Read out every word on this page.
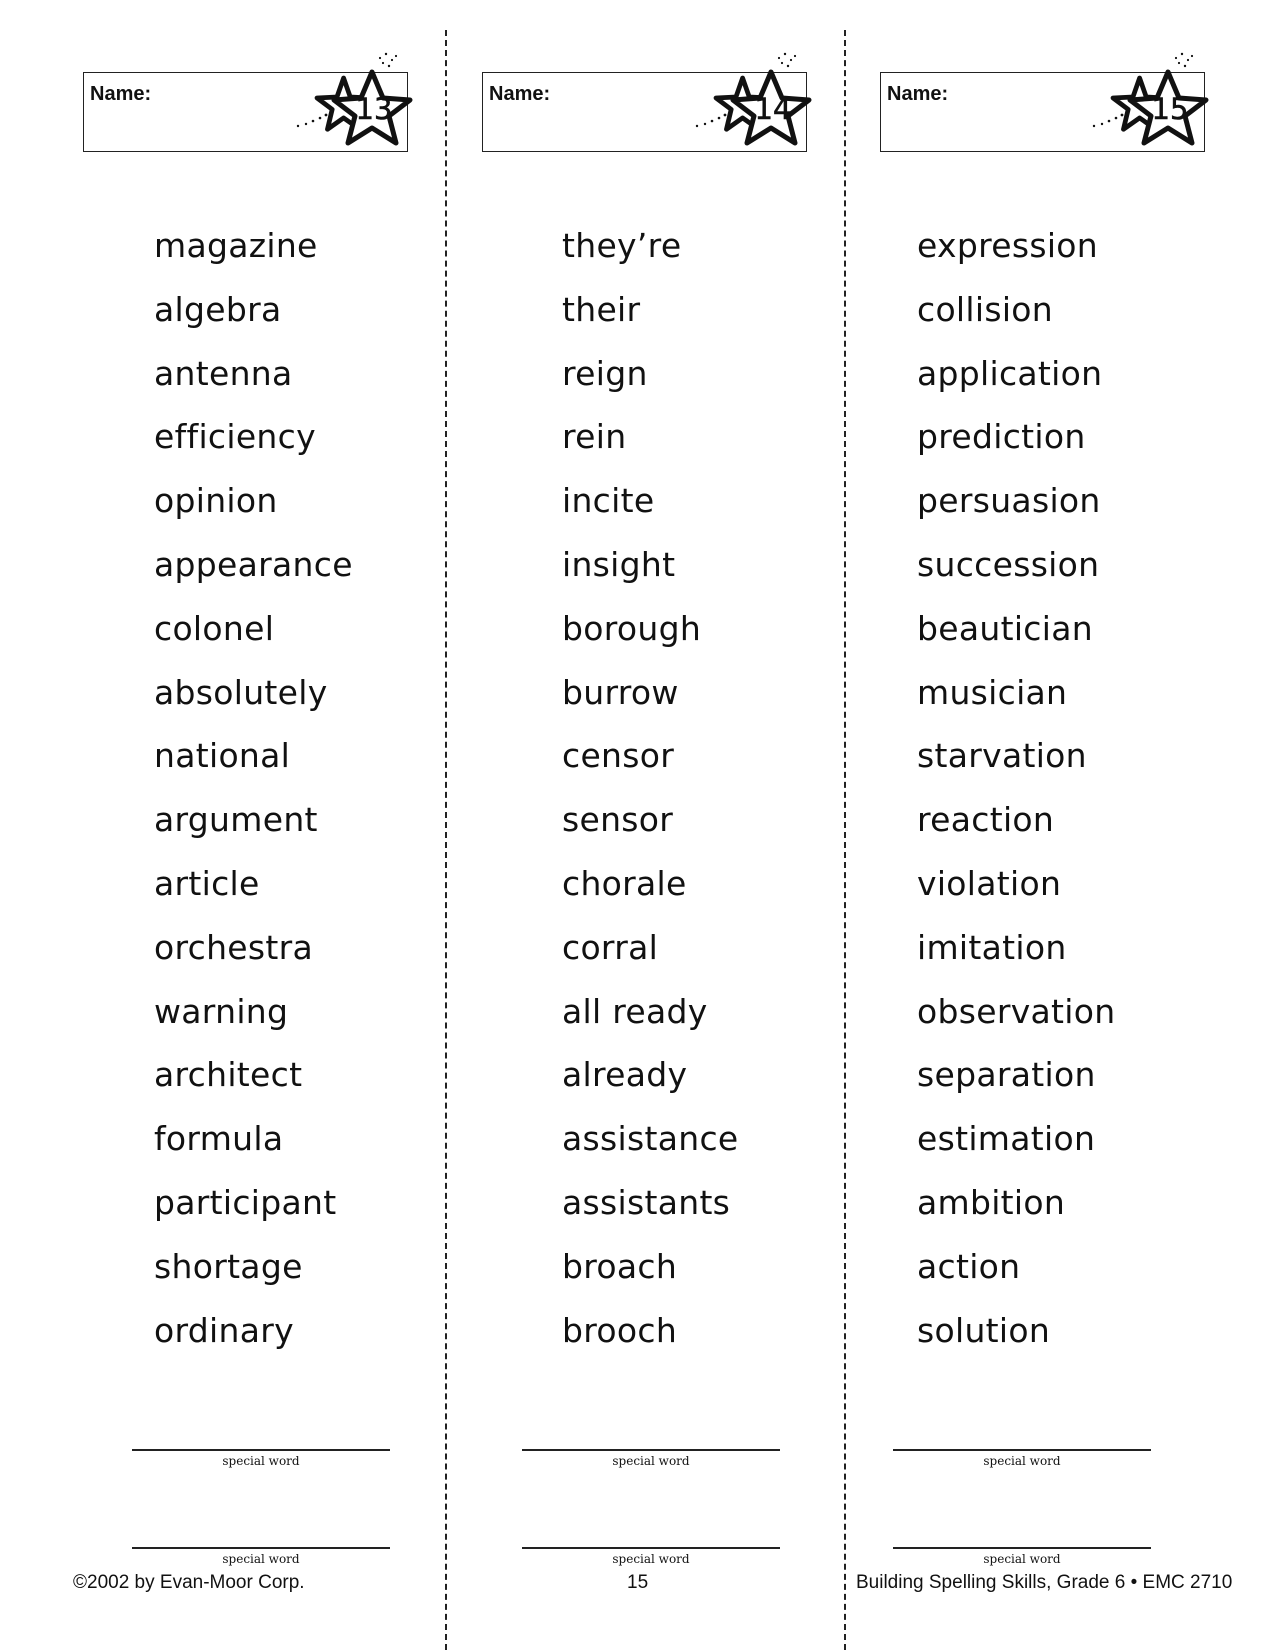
Name:	13
magazine
algebra
antenna
efficiency
opinion
appearance
colonel
absolutely
national
argument
article
orchestra
warning
architect
formula
participant
shortage
ordinary
special word
special word
Name:	14
they’re
their
reign
rein
incite
insight
borough
burrow
censor
sensor
chorale
corral
all ready
already
assistance
assistants
broach
brooch
special word
special word
Name:	15
expression
collision
application
prediction
persuasion
succession
beautician
musician
starvation
reaction
violation
imitation
observation
separation
estimation
ambition
action
solution
special word
special word
©2002 by Evan-Moor Corp.	15	Building Spelling Skills, Grade 6 • EMC 2710
